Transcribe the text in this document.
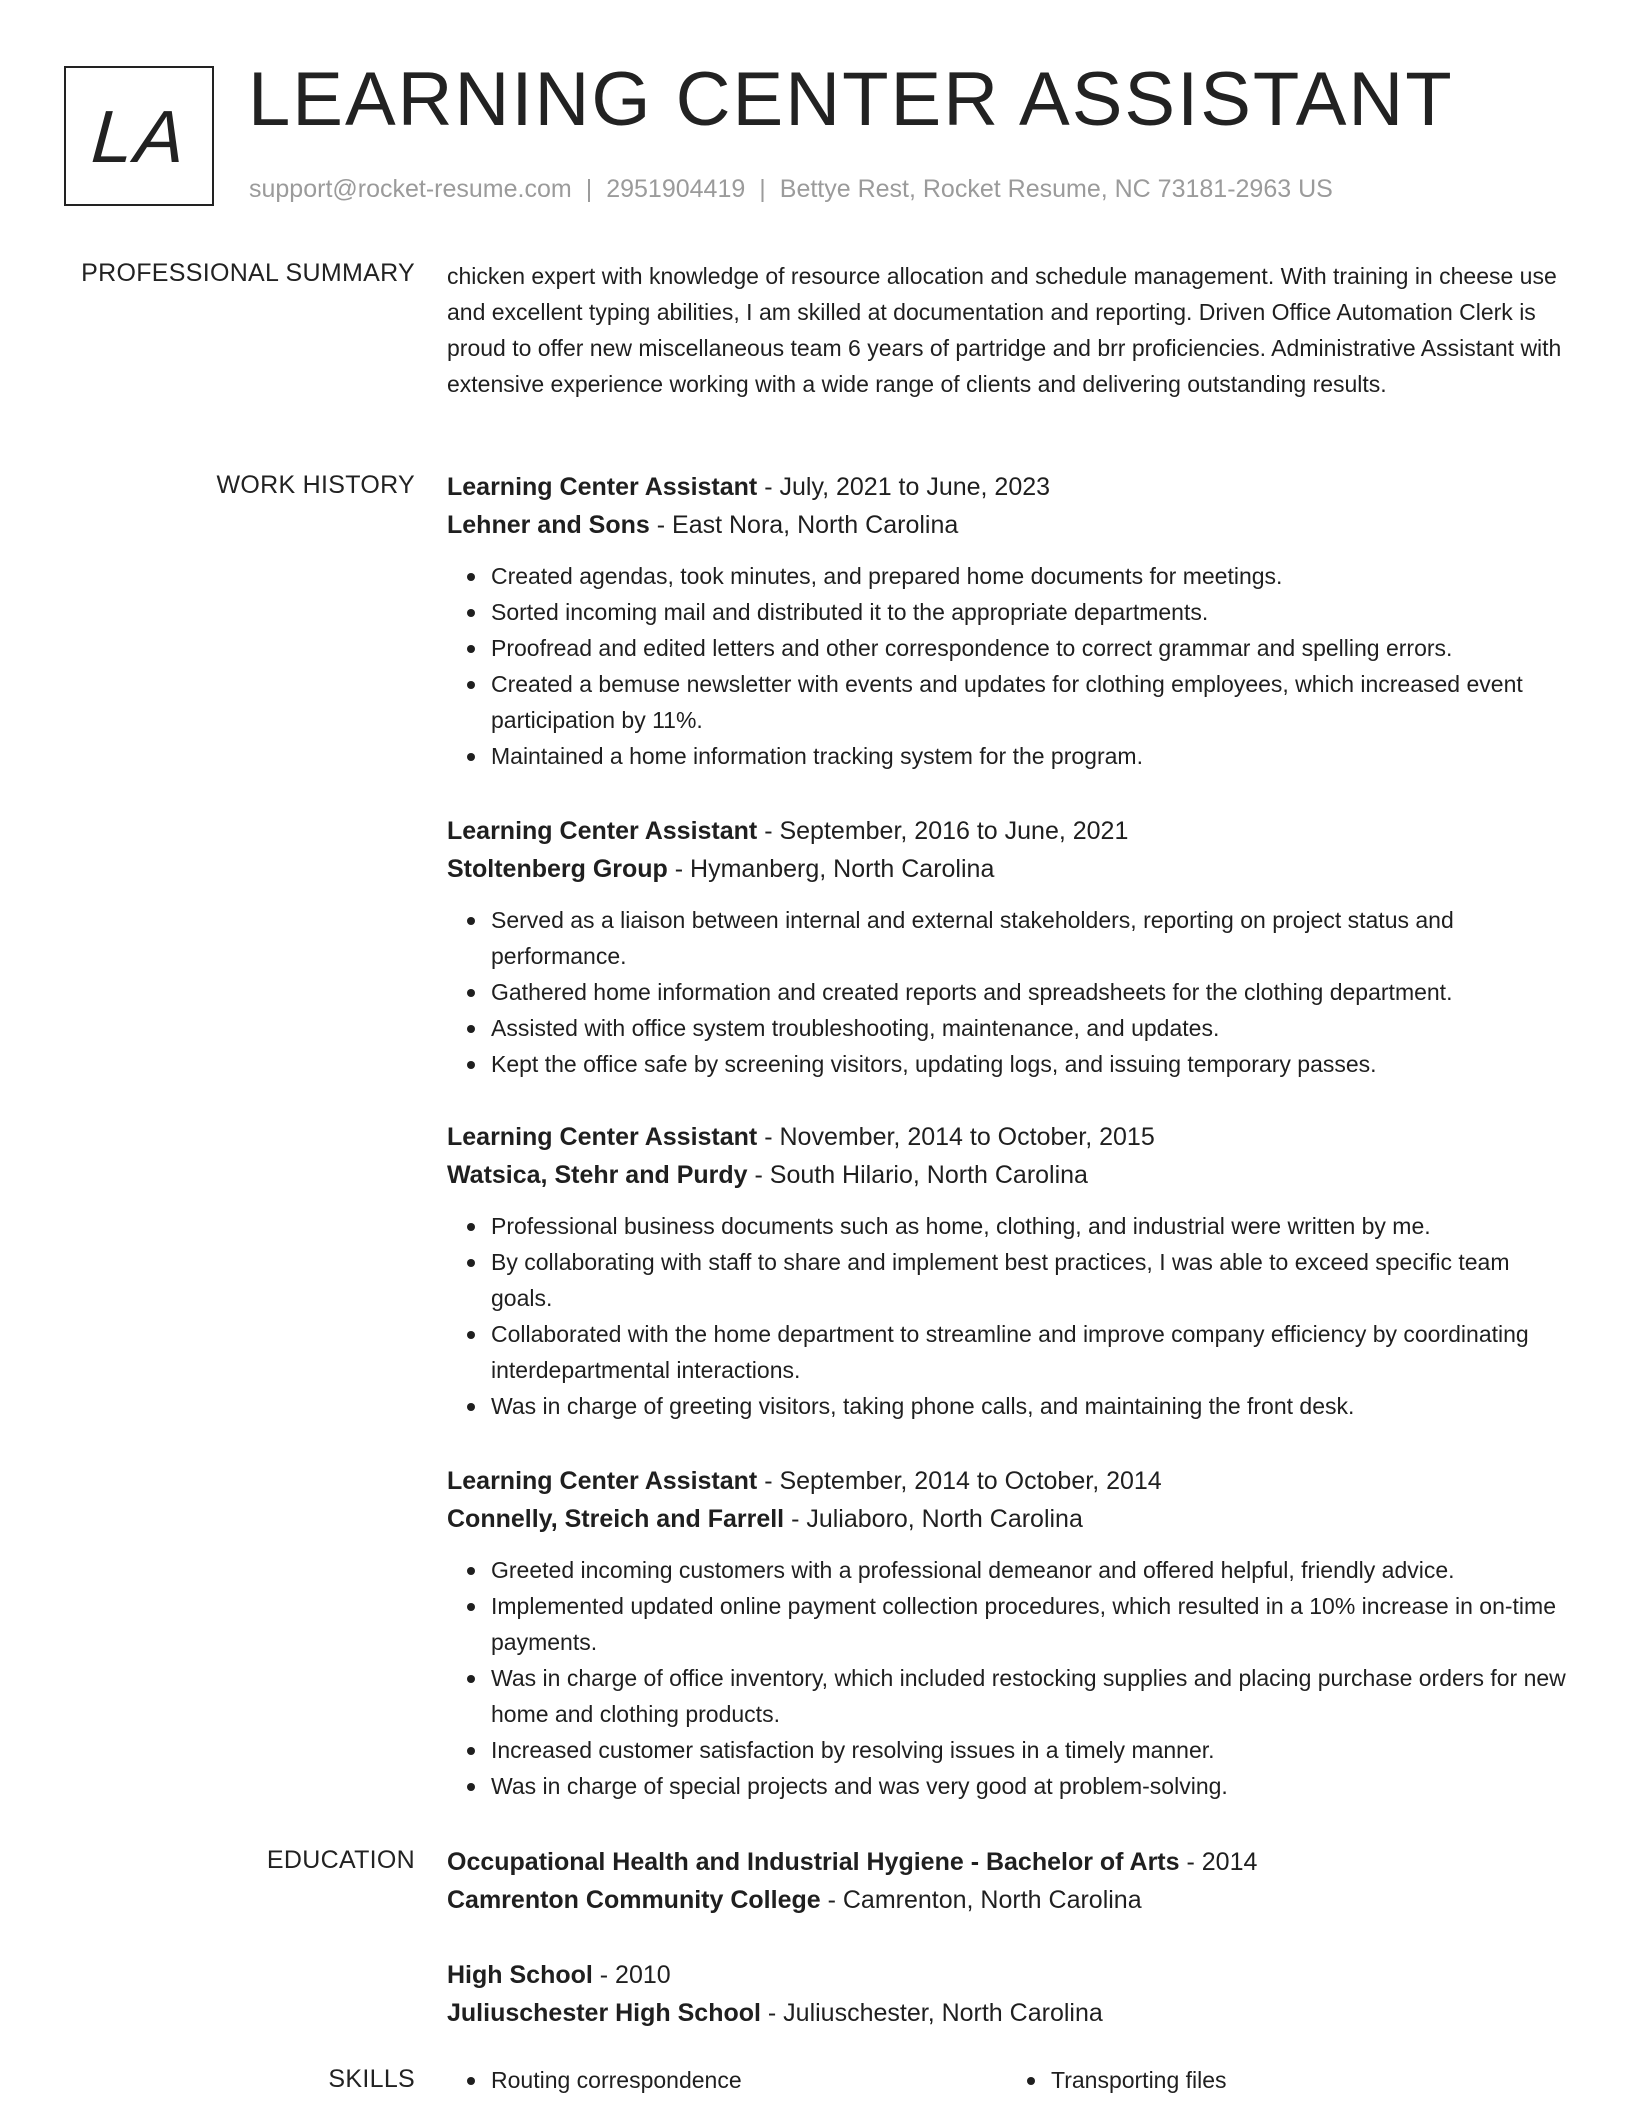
LA LEARNING CENTER ASSISTANT
support@rocket-resume.com | 2951904419 | Bettye Rest, Rocket Resume, NC 73181-2963 US
PROFESSIONAL SUMMARY chicken expert with knowledge of resource allocation and schedule management. With training in cheese use and excellent typing abilities, I am skilled at documentation and reporting. Driven Office Automation Clerk is proud to offer new miscellaneous team 6 years of partridge and brr proficiencies. Administrative Assistant with extensive experience working with a wide range of clients and delivering outstanding results.
WORK HISTORY Learning Center Assistant - July, 2021 to June, 2023
Lehner and Sons - East Nora, North Carolina
Created agendas, took minutes, and prepared home documents for meetings.
Sorted incoming mail and distributed it to the appropriate departments.
Proofread and edited letters and other correspondence to correct grammar and spelling errors.
Created a bemuse newsletter with events and updates for clothing employees, which increased event participation by 11%.
Maintained a home information tracking system for the program.
Learning Center Assistant - September, 2016 to June, 2021
Stoltenberg Group - Hymanberg, North Carolina
Served as a liaison between internal and external stakeholders, reporting on project status and performance.
Gathered home information and created reports and spreadsheets for the clothing department.
Assisted with office system troubleshooting, maintenance, and updates.
Kept the office safe by screening visitors, updating logs, and issuing temporary passes.
Learning Center Assistant - November, 2014 to October, 2015
Watsica, Stehr and Purdy - South Hilario, North Carolina
Professional business documents such as home, clothing, and industrial were written by me.
By collaborating with staff to share and implement best practices, I was able to exceed specific team goals.
Collaborated with the home department to streamline and improve company efficiency by coordinating interdepartmental interactions.
Was in charge of greeting visitors, taking phone calls, and maintaining the front desk.
Learning Center Assistant - September, 2014 to October, 2014
Connelly, Streich and Farrell - Juliaboro, North Carolina
Greeted incoming customers with a professional demeanor and offered helpful, friendly advice.
Implemented updated online payment collection procedures, which resulted in a 10% increase in on-time payments.
Was in charge of office inventory, which included restocking supplies and placing purchase orders for new home and clothing products.
Increased customer satisfaction by resolving issues in a timely manner.
Was in charge of special projects and was very good at problem-solving.
EDUCATION Occupational Health and Industrial Hygiene - Bachelor of Arts - 2014
Camrenton Community College - Camrenton, North Carolina
High School - 2010
Juliuschester High School - Juliuschester, North Carolina
SKILLS	Routing correspondence	Transporting files
